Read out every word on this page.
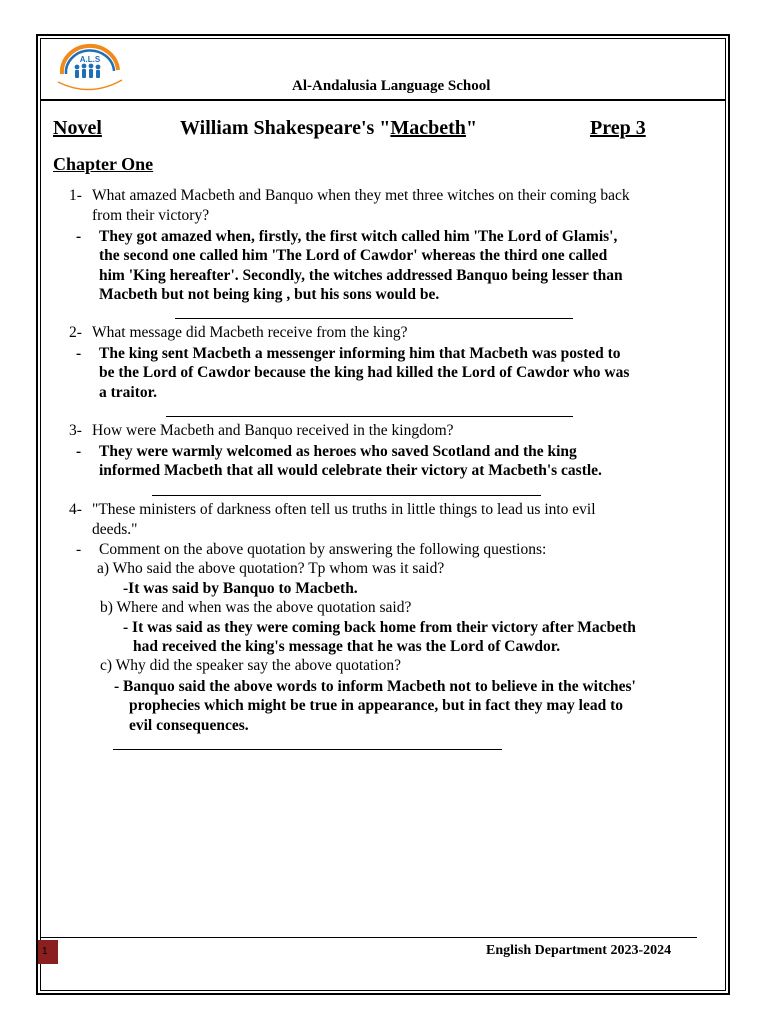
A.L.S
Al-Andalusia Language School
Novel	William Shakespeare's "Macbeth"	Prep 3
Chapter One
1- What amazed Macbeth and Banquo when they met three witches on their coming back
from their victory?
- They got amazed when, firstly, the first witch called him 'The Lord of Glamis',
the second one called him 'The Lord of Cawdor' whereas the third one called
him 'King hereafter'. Secondly, the witches addressed Banquo being lesser than
Macbeth but not being king , but his sons would be.
2- What message did Macbeth receive from the king?
- The king sent Macbeth a messenger informing him that Macbeth was posted to
be the Lord of Cawdor because the king had killed the Lord of Cawdor who was
a traitor.
3- How were Macbeth and Banquo received in the kingdom?
- They were warmly welcomed as heroes who saved Scotland and the king
informed Macbeth that all would celebrate their victory at Macbeth's castle.
4- "These ministers of darkness often tell us truths in little things to lead us into evil
deeds."
- Comment on the above quotation by answering the following questions:
a) Who said the above quotation? Tp whom was it said?
-It was said by Banquo to Macbeth.
b) Where and when was the above quotation said?
- It was said as they were coming back home from their victory after Macbeth
had received the king's message that he was the Lord of Cawdor.
c) Why did the speaker say the above quotation?
- Banquo said the above words to inform Macbeth not to believe in the witches'
prophecies which might be true in appearance, but in fact they may lead to
evil consequences.
1	English Department 2023-2024
